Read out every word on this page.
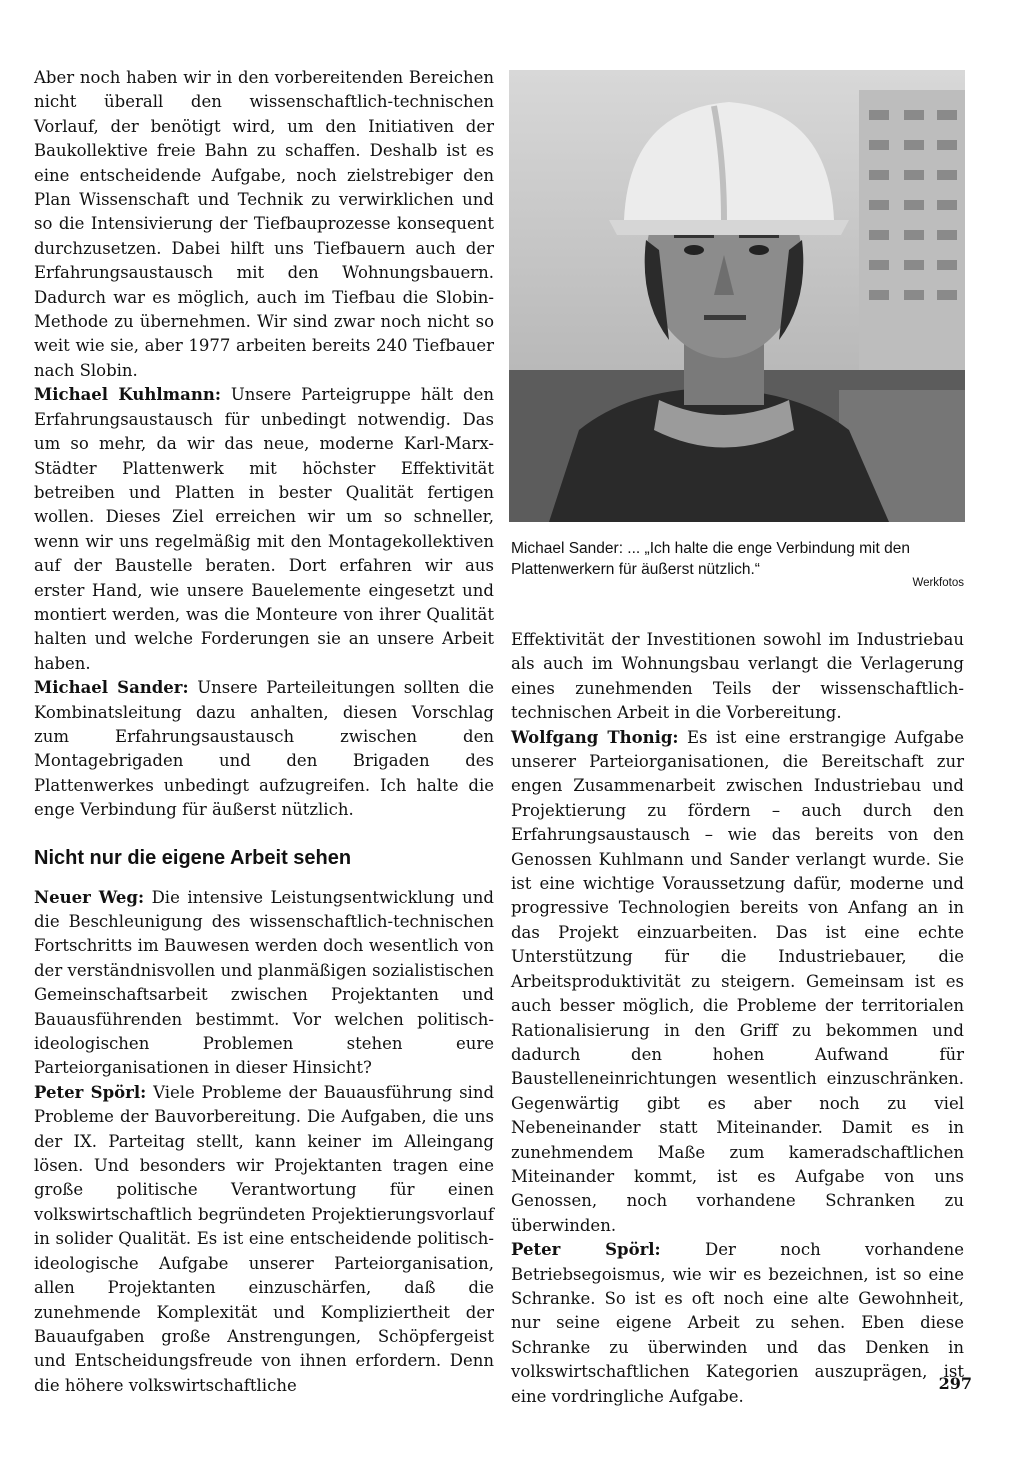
Aber noch haben wir in den vorbereitenden Bereichen nicht überall den wissenschaftlich-technischen Vorlauf, der benötigt wird, um den Initiativen der Baukollektive freie Bahn zu schaffen. Deshalb ist es eine entscheidende Aufgabe, noch zielstrebiger den Plan Wissenschaft und Technik zu verwirklichen und so die Intensivierung der Tiefbauprozesse konsequent durchzusetzen. Dabei hilft uns Tiefbauern auch der Erfahrungsaustausch mit den Wohnungsbauern. Dadurch war es möglich, auch im Tiefbau die Slobin-Methode zu übernehmen. Wir sind zwar noch nicht so weit wie sie, aber 1977 arbeiten bereits 240 Tiefbauer nach Slobin.

Michael Kuhlmann: Unsere Parteigruppe hält den Erfahrungsaustausch für unbedingt notwendig. Das um so mehr, da wir das neue, moderne Karl-Marx-Städter Plattenwerk mit höchster Effektivität betreiben und Platten in bester Qualität fertigen wollen. Dieses Ziel erreichen wir um so schneller, wenn wir uns regelmäßig mit den Montagekollektiven auf der Baustelle beraten. Dort erfahren wir aus erster Hand, wie unsere Bauelemente eingesetzt und montiert werden, was die Monteure von ihrer Qualität halten und welche Forderungen sie an unsere Arbeit haben.

Michael Sander: Unsere Parteileitungen sollten die Kombinatsleitung dazu anhalten, diesen Vorschlag zum Erfahrungsaustausch zwischen den Montagebrigaden und den Brigaden des Plattenwerkes unbedingt aufzugreifen. Ich halte die enge Verbindung für äußerst nützlich.

Nicht nur die eigene Arbeit sehen

Neuer Weg: Die intensive Leistungsentwicklung und die Beschleunigung des wissenschaftlich-technischen Fortschritts im Bauwesen werden doch wesentlich von der verständnisvollen und planmäßigen sozialistischen Gemeinschaftsarbeit zwischen Projektanten und Bauausführenden bestimmt. Vor welchen politisch-ideologischen Problemen stehen eure Parteiorganisationen in dieser Hinsicht?

Peter Spörl: Viele Probleme der Bauausführung sind Probleme der Bauvorbereitung. Die Aufgaben, die uns der IX. Parteitag stellt, kann keiner im Alleingang lösen. Und besonders wir Projektanten tragen eine große politische Verantwortung für einen volkswirtschaftlich begründeten Projektierungsvorlauf in solider Qualität. Es ist eine entscheidende politisch-ideologische Aufgabe unserer Parteiorganisation, allen Projektanten einzuschärfen, daß die zunehmende Komplexität und Kompliziertheit der Bauaufgaben große Anstrengungen, Schöpfergeist und Entscheidungsfreude von ihnen erfordern. Denn die höhere volkswirtschaftliche

Michael Sander: ... „Ich halte die enge Verbindung mit den Plattenwerkern für äußerst nützlich.“
Werkfotos

Effektivität der Investitionen sowohl im Industriebau als auch im Wohnungsbau verlangt die Verlagerung eines zunehmenden Teils der wissenschaftlich-technischen Arbeit in die Vorbereitung.

Wolfgang Thonig: Es ist eine erstrangige Aufgabe unserer Parteiorganisationen, die Bereitschaft zur engen Zusammenarbeit zwischen Industriebau und Projektierung zu fördern – auch durch den Erfahrungsaustausch – wie das bereits von den Genossen Kuhlmann und Sander verlangt wurde. Sie ist eine wichtige Voraussetzung dafür, moderne und progressive Technologien bereits von Anfang an in das Projekt einzuarbeiten. Das ist eine echte Unterstützung für die Industriebauer, die Arbeitsproduktivität zu steigern. Gemeinsam ist es auch besser möglich, die Probleme der territorialen Rationalisierung in den Griff zu bekommen und dadurch den hohen Aufwand für Baustelleneinrichtungen wesentlich einzuschränken. Gegenwärtig gibt es aber noch zu viel Nebeneinander statt Miteinander. Damit es in zunehmendem Maße zum kameradschaftlichen Miteinander kommt, ist es Aufgabe von uns Genossen, noch vorhandene Schranken zu überwinden.

Peter Spörl: Der noch vorhandene Betriebsegoismus, wie wir es bezeichnen, ist so eine Schranke. So ist es oft noch eine alte Gewohnheit, nur seine eigene Arbeit zu sehen. Eben diese Schranke zu überwinden und das Denken in volkswirtschaftlichen Kategorien auszuprägen, ist eine vordringliche Aufgabe.

297
